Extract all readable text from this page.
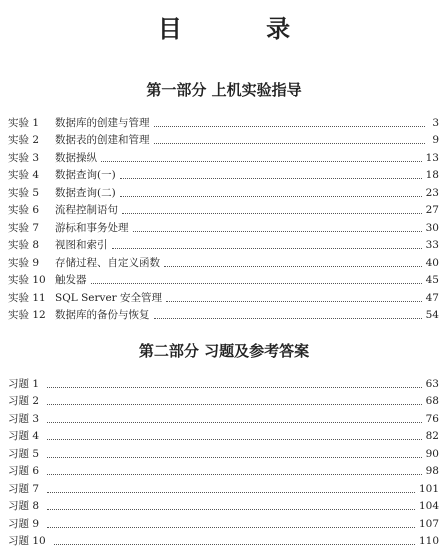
目 录
第一部分 上机实验指导
实验 1	数据库的创建与管理	3
实验 2	数据表的创建和管理	9
实验 3	数据操纵	13
实验 4	数据查询(一)	18
实验 5	数据查询(二)	23
实验 6	流程控制语句	27
实验 7	游标和事务处理	30
实验 8	视图和索引	33
实验 9	存储过程、自定义函数	40
实验 10 触发器	45
实验 11 SQL Server 安全管理	47
实验 12 数据库的备份与恢复	54
第二部分 习题及参考答案
习题 1	63
习题 2	68
习题 3	76
习题 4	82
习题 5	90
习题 6	98
习题 7	101
习题 8	104
习题 9	107
习题 10	110
